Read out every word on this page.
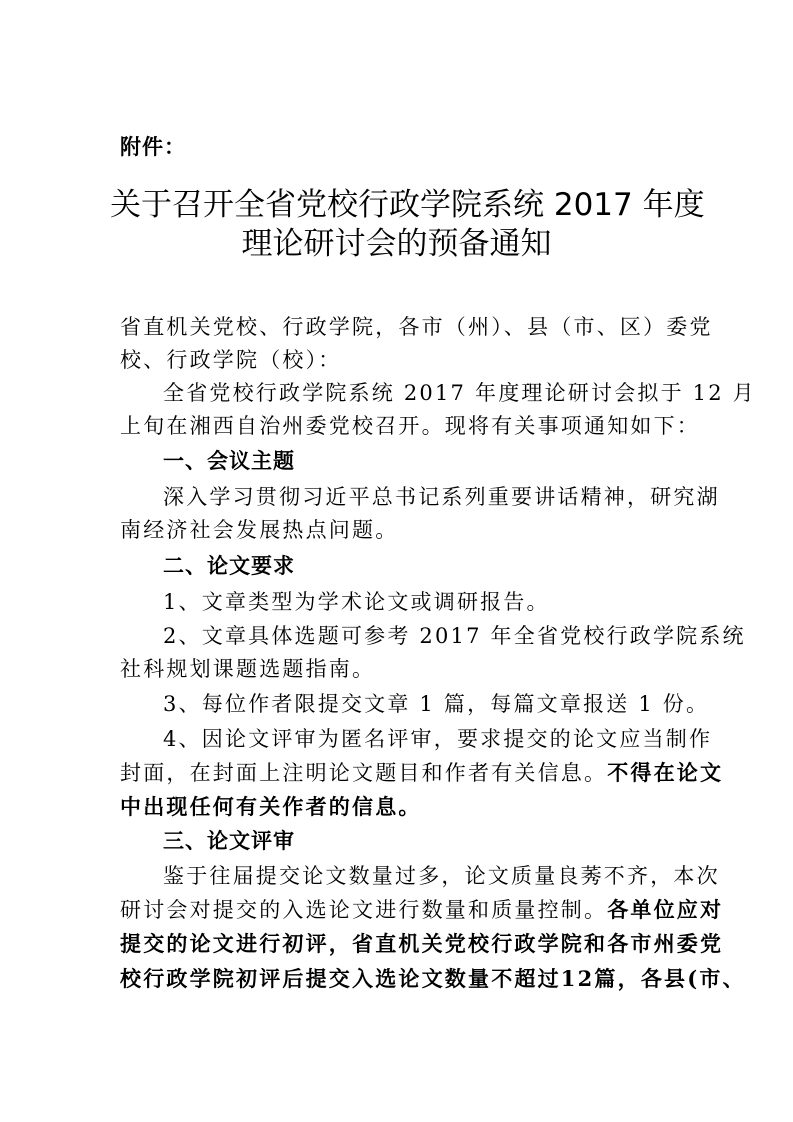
附件：
关于召开全省党校行政学院系统 2017 年度
理论研讨会的预备通知
省直机关党校、行政学院，各市（州）、县（市、区）委党
校、行政学院（校）：
全省党校行政学院系统 2017 年度理论研讨会拟于 12 月
上旬在湘西自治州委党校召开。现将有关事项通知如下：
一、会议主题
深入学习贯彻习近平总书记系列重要讲话精神，研究湖
南经济社会发展热点问题。
二、论文要求
1、文章类型为学术论文或调研报告。
2、文章具体选题可参考 2017 年全省党校行政学院系统
社科规划课题选题指南。
3、每位作者限提交文章 1 篇，每篇文章报送 1 份。
4、因论文评审为匿名评审，要求提交的论文应当制作
封面，在封面上注明论文题目和作者有关信息。不得在论文
中出现任何有关作者的信息。
三、论文评审
鉴于往届提交论文数量过多，论文质量良莠不齐，本次
研讨会对提交的入选论文进行数量和质量控制。各单位应对
提交的论文进行初评，省直机关党校行政学院和各市州委党
校行政学院初评后提交入选论文数量不超过12篇，各县(市、
